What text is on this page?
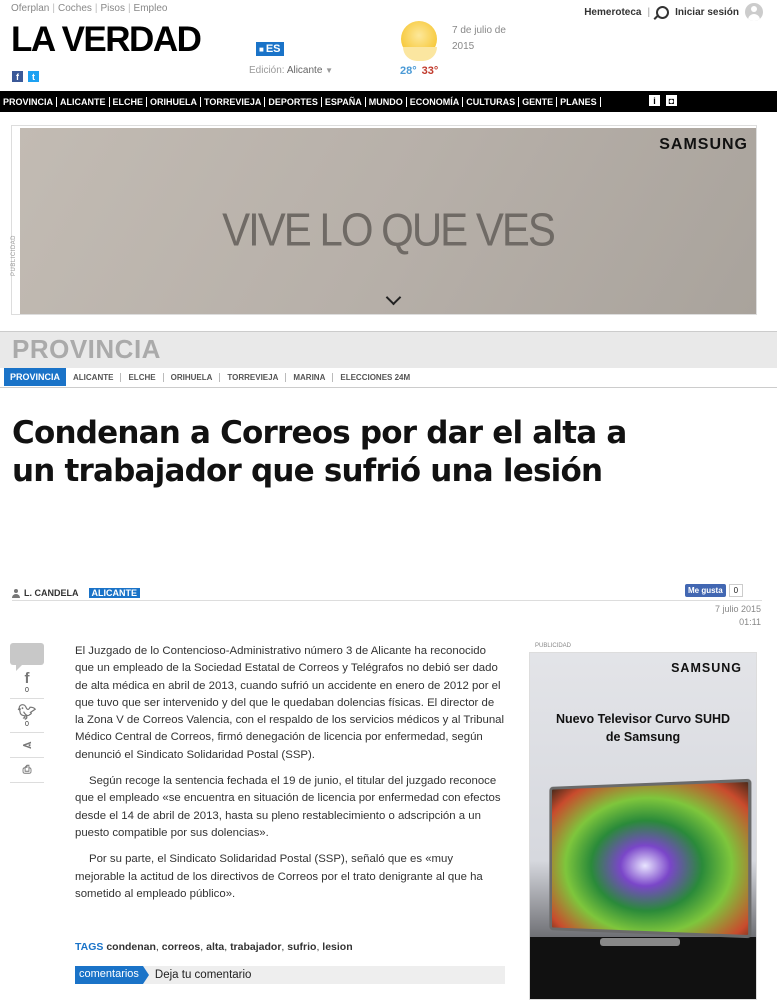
Oferplan | Coches | Pisos | Empleo	Hemeroteca |	Iniciar sesión
LA VERDAD
■	ES
f	t
Edición: Alicante ▼	28° 33°
7 de julio de 2015
PROVINCIA ALICANTE ELCHE ORIHUELA TORREVIEJA DEPORTES ESPAÑA MUNDO ECONOMÍA CULTURAS GENTE PLANES	i	◘
PUBLICIDAD
SAMSUNG
VIVE LO QUE VES
PROVINCIA
PROVINCIA	ALICANTE	ELCHE	ORIHUELA	TORREVIEJA	MARINA	ELECCIONES 24M
Condenan a Correos por dar el alta a un trabajador que sufrió una lesión
L. CANDELA	ALICANTE	Me gusta	0
7 julio 2015
01:11
f
0
🐦︎
0
⋖
⎙

El Juzgado de lo Contencioso-Administrativo número 3 de Alicante ha reconocido que un empleado de la Sociedad Estatal de Correos y Telégrafos no debió ser dado de alta médica en abril de 2013, cuando sufrió un accidente en enero de 2012 por el que tuvo que ser intervenido y del que le quedaban dolencias físicas. El director de la Zona V de Correos Valencia, con el respaldo de los servicios médicos y al Tribunal Médico Central de Correos, firmó denegación de licencia por enfermedad, según denunció el Sindicato Solidaridad Postal (SSP).

Según recoge la sentencia fechada el 19 de junio, el titular del juzgado reconoce que el empleado «se encuentra en situación de licencia por enfermedad con efectos desde el 14 de abril de 2013, hasta su pleno restablecimiento o adscripción a un puesto compatible por sus dolencias».

Por su parte, el Sindicato Solidaridad Postal (SSP), señaló que es «muy mejorable la actitud de los directivos de Correos por el trato denigrante al que ha sometido al empleado público».

TAGS condenan, correos, alta, trabajador, sufrio, lesion
comentarios	Deja tu comentario
PUBLICIDAD
SAMSUNG
Nuevo Televisor Curvo SUHD
de Samsung
